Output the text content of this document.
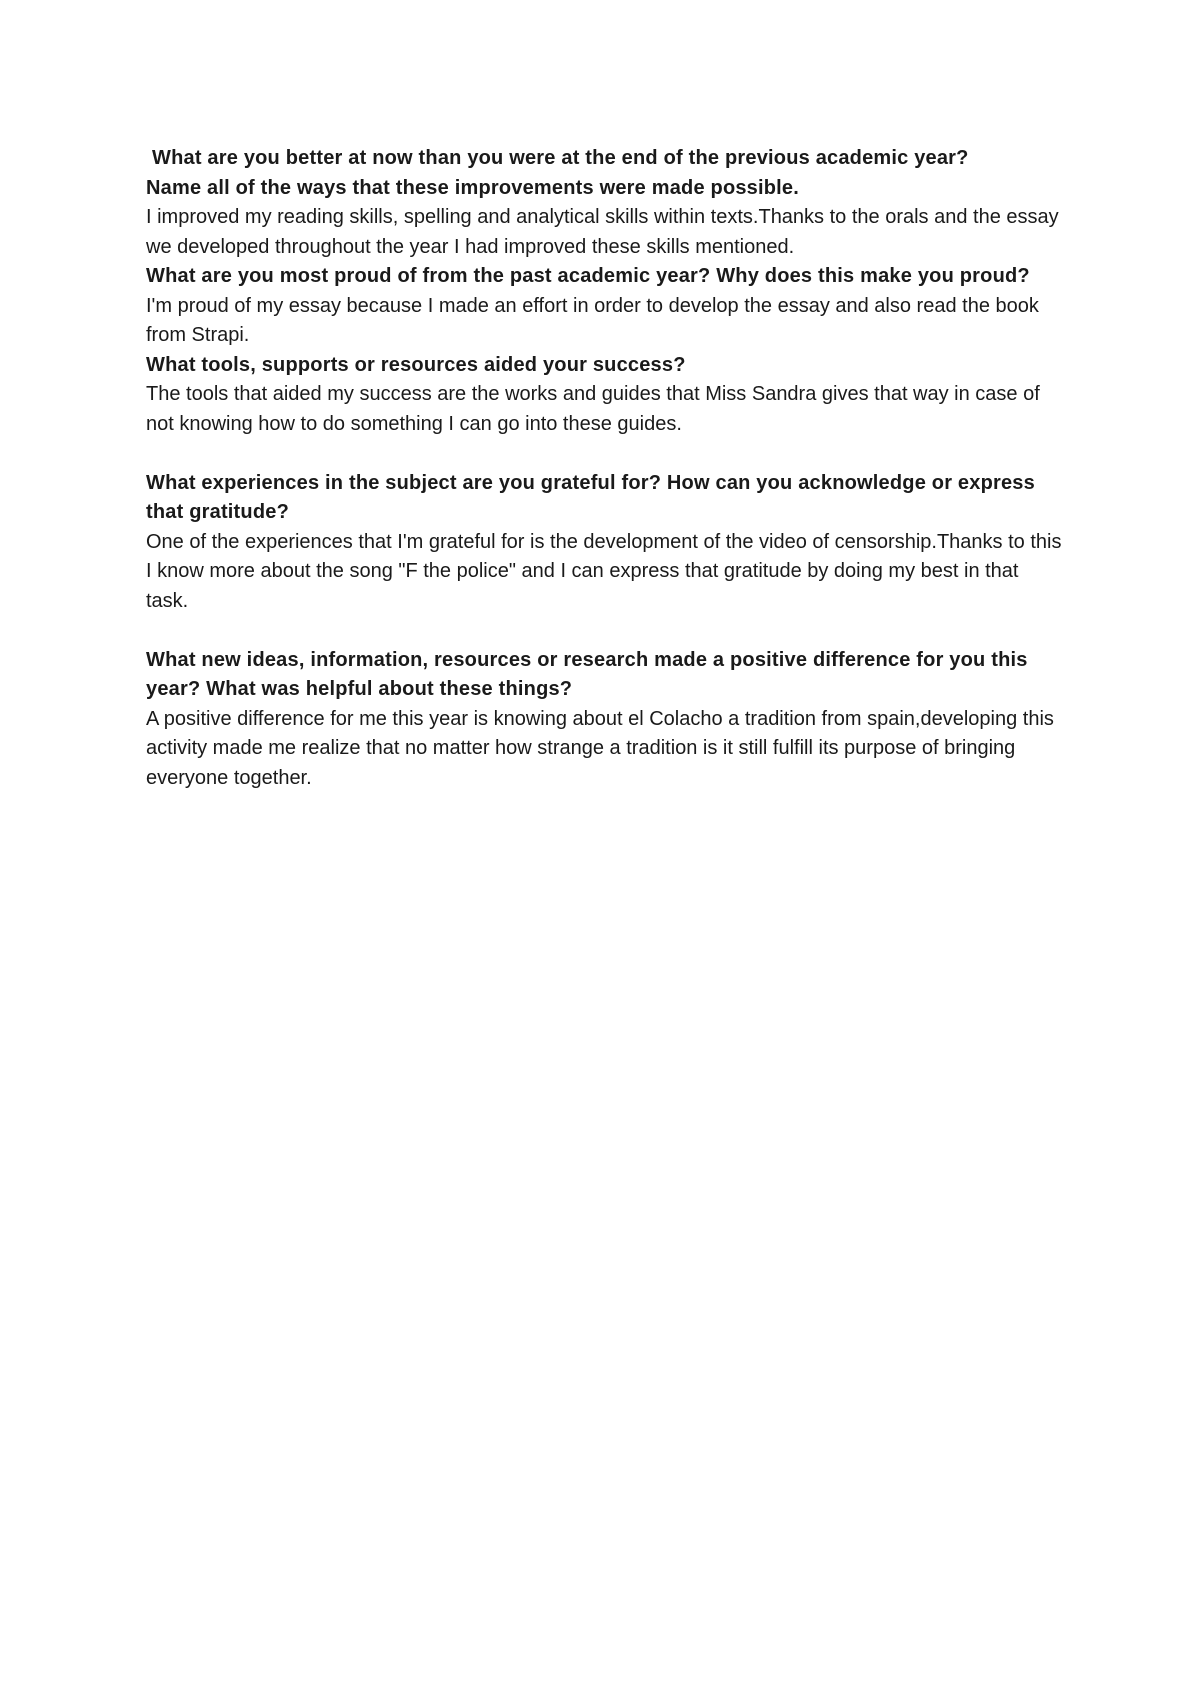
What are you better at now than you were at the end of the previous academic year?

Name all of the ways that these improvements were made possible.

I improved my reading skills, spelling and analytical skills within texts.Thanks to the orals and the essay we developed throughout the year I had improved these skills mentioned.

What are you most proud of from the past academic year? Why does this make you proud?

I'm proud of my essay because I made an effort in order to develop the essay and also read the book from Strapi.

What tools, supports or resources aided your success?

The tools that aided my success are the works and guides that Miss Sandra gives that way in case of not knowing how to do something I can go into these guides.

What experiences in the subject are you grateful for? How can you acknowledge or express that gratitude?

One of the experiences that I'm grateful for is the development of the video of censorship.Thanks to this I know more about the song "F the police" and I can express that gratitude by doing my best in that task.

What new ideas, information, resources or research made a positive difference for you this year? What was helpful about these things?

A positive difference for me this year is knowing about el Colacho a tradition from spain,developing this activity made me realize that no matter how strange a tradition is it still fulfill its purpose of bringing everyone together.
